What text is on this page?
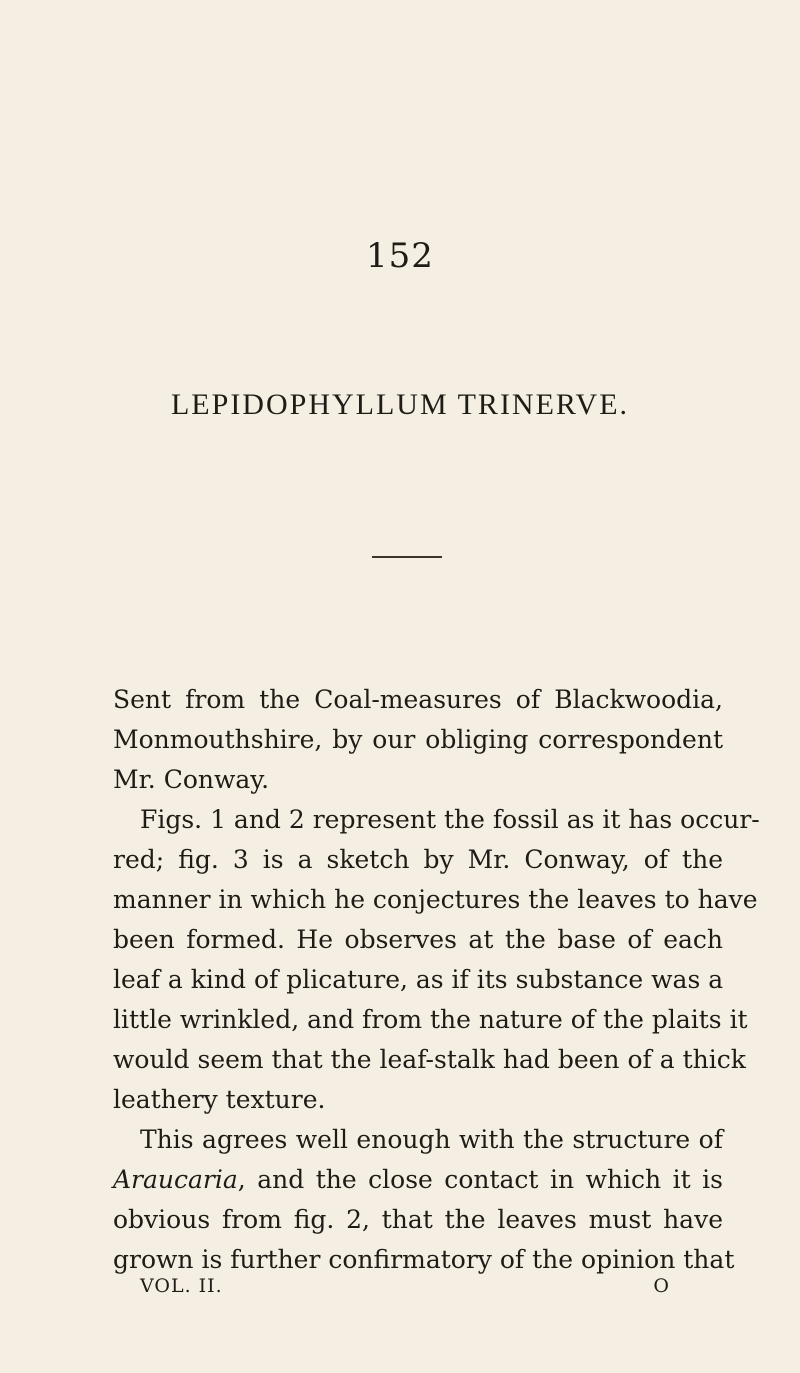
152
LEPIDOPHYLLUM TRINERVE.

Sent from the Coal-measures of Blackwoodia,
Monmouthshire, by our obliging correspondent
Mr. Conway.

Figs. 1 and 2 represent the fossil as it has occur-
red; fig. 3 is a sketch by Mr. Conway, of the
manner in which he conjectures the leaves to have
been formed. He observes at the base of each
leaf a kind of plicature, as if its substance was a
little wrinkled, and from the nature of the plaits it
would seem that the leaf-stalk had been of a thick
leathery texture.

This agrees well enough with the structure of
Araucaria, and the close contact in which it is
obvious from fig. 2, that the leaves must have
grown is further confirmatory of the opinion that

VOL. II.	O
